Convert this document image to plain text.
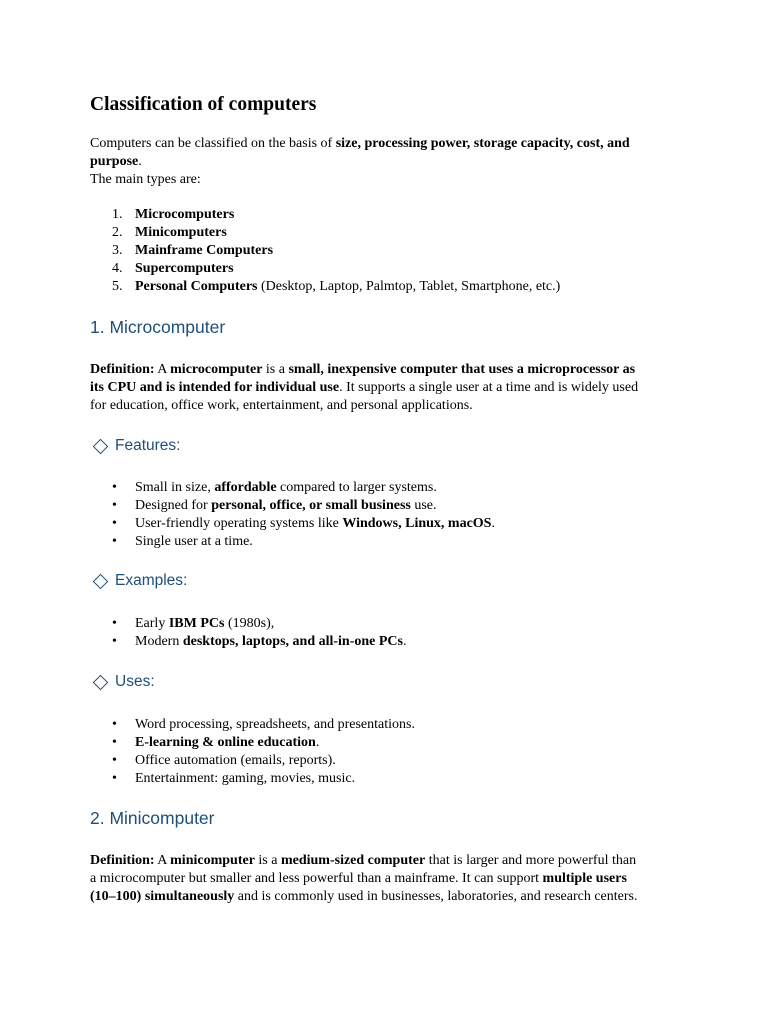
Classification of computers
Computers can be classified on the basis of size, processing power, storage capacity, cost, and
purpose.
The main types are:
1. Microcomputers
2. Minicomputers
3. Mainframe Computers
4. Supercomputers
5. Personal Computers (Desktop, Laptop, Palmtop, Tablet, Smartphone, etc.)
1. Microcomputer
Definition: A microcomputer is a small, inexpensive computer that uses a microprocessor as
its CPU and is intended for individual use. It supports a single user at a time and is widely used
for education, office work, entertainment, and personal applications.
Features:
• Small in size, affordable compared to larger systems.
• Designed for personal, office, or small business use.
• User-friendly operating systems like Windows, Linux, macOS.
• Single user at a time.
Examples:
• Early IBM PCs (1980s),
• Modern desktops, laptops, and all-in-one PCs.
Uses:
• Word processing, spreadsheets, and presentations.
• E-learning & online education.
• Office automation (emails, reports).
• Entertainment: gaming, movies, music.
2. Minicomputer
Definition: A minicomputer is a medium-sized computer that is larger and more powerful than
a microcomputer but smaller and less powerful than a mainframe. It can support multiple users
(10–100) simultaneously and is commonly used in businesses, laboratories, and research centers.
